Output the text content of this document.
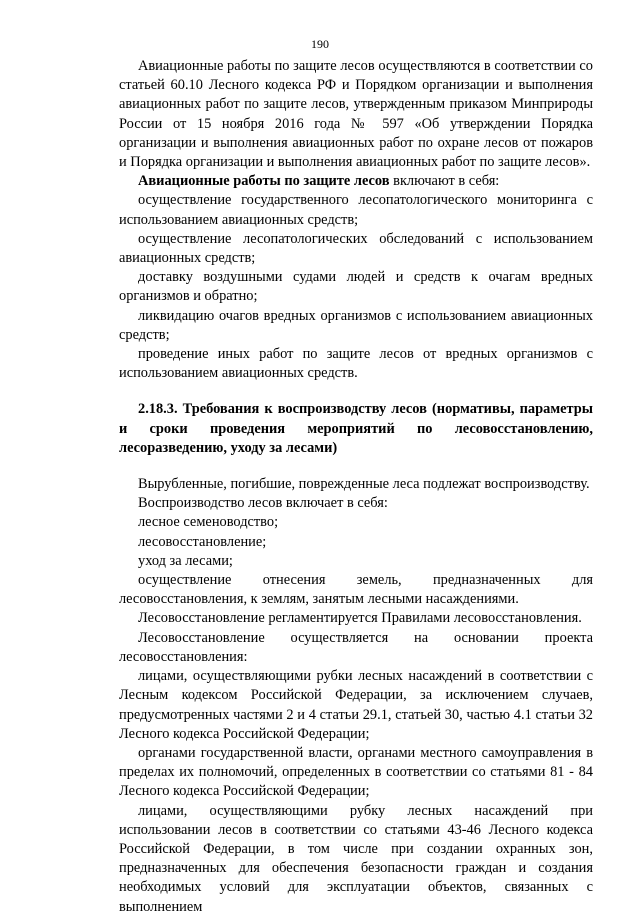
190

Авиационные работы по защите лесов осуществляются в соответствии со статьей 60.10 Лесного кодекса РФ и Порядком организации и выполнения авиационных работ по защите лесов, утвержденным приказом Минприроды России от 15 ноября 2016 года № 597 «Об утверждении Порядка организации и выполнения авиационных работ по охране лесов от пожаров и Порядка организации и выполнения авиационных работ по защите лесов».

Авиационные работы по защите лесов включают в себя:

осуществление государственного лесопатологического мониторинга с использованием авиационных средств;

осуществление лесопатологических обследований с использованием авиационных средств;

доставку воздушными судами людей и средств к очагам вредных организмов и обратно;

ликвидацию очагов вредных организмов с использованием авиационных средств;

проведение иных работ по защите лесов от вредных организмов с использованием авиационных средств.

2.18.3. Требования к воспроизводству лесов (нормативы, параметры и сроки проведения мероприятий по лесовосстановлению, лесоразведению, уходу за лесами)

Вырубленные, погибшие, поврежденные леса подлежат воспроизводству.

Воспроизводство лесов включает в себя:

лесное семеноводство;

лесовосстановление;

уход за лесами;

осуществление отнесения земель, предназначенных для лесовосстановления, к землям, занятым лесными насаждениями.

Лесовосстановление регламентируется Правилами лесовосстановления.

Лесовосстановление осуществляется на основании проекта лесовосстановления:

лицами, осуществляющими рубки лесных насаждений в соответствии с Лесным кодексом Российской Федерации, за исключением случаев, предусмотренных частями 2 и 4 статьи 29.1, статьей 30, частью 4.1 статьи 32 Лесного кодекса Российской Федерации;

органами государственной власти, органами местного самоуправления в пределах их полномочий, определенных в соответствии со статьями 81 - 84 Лесного кодекса Российской Федерации;

лицами, осуществляющими рубку лесных насаждений при использовании лесов в соответствии со статьями 43-46 Лесного кодекса Российской Федерации, в том числе при создании охранных зон, предназначенных для обеспечения безопасности граждан и создания необходимых условий для эксплуатации объектов, связанных с выполнением
